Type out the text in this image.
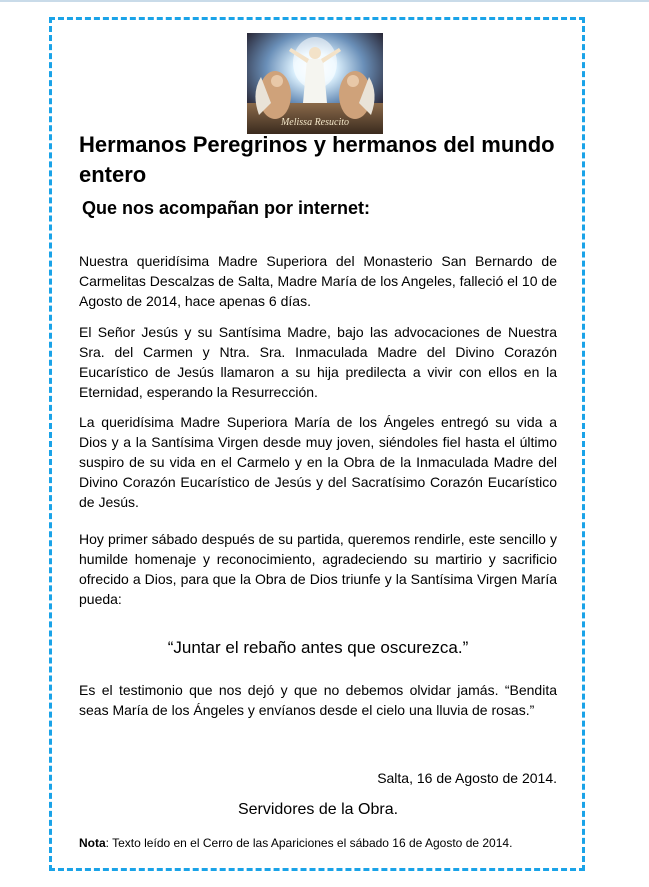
Melissa Resucito
Hermanos Peregrinos y hermanos del mundo entero
Que nos acompañan por internet:

Nuestra queridísima Madre Superiora del Monasterio San Bernardo de Carmelitas Descalzas de Salta, Madre María de los Angeles, falleció el 10 de Agosto de 2014, hace apenas 6 días.

El Señor Jesús y su Santísima Madre, bajo las advocaciones de Nuestra Sra. del Carmen y Ntra. Sra. Inmaculada Madre del Divino Corazón Eucarístico de Jesús llamaron a su hija predilecta a vivir con ellos en la Eternidad, esperando la Resurrección.

La queridísima Madre Superiora María de los Ángeles entregó su vida a Dios y a la Santísima Virgen desde muy joven, siéndoles fiel hasta el último suspiro de su vida en el Carmelo y en la Obra de la Inmaculada Madre del Divino Corazón Eucarístico de Jesús y del Sacratísimo Corazón Eucarístico de Jesús.

Hoy primer sábado después de su partida, queremos rendirle, este sencillo y humilde homenaje y reconocimiento, agradeciendo su martirio y sacrificio ofrecido a Dios, para que la Obra de Dios triunfe y la Santísima Virgen María pueda:

“Juntar el rebaño antes que oscurezca.”

Es el testimonio que nos dejó y que no debemos olvidar jamás. “Bendita seas María de los Ángeles y envíanos desde el cielo una lluvia de rosas.”

Salta, 16 de Agosto de 2014.

Servidores de la Obra.

Nota: Texto leído en el Cerro de las Apariciones el sábado 16 de Agosto de 2014.
